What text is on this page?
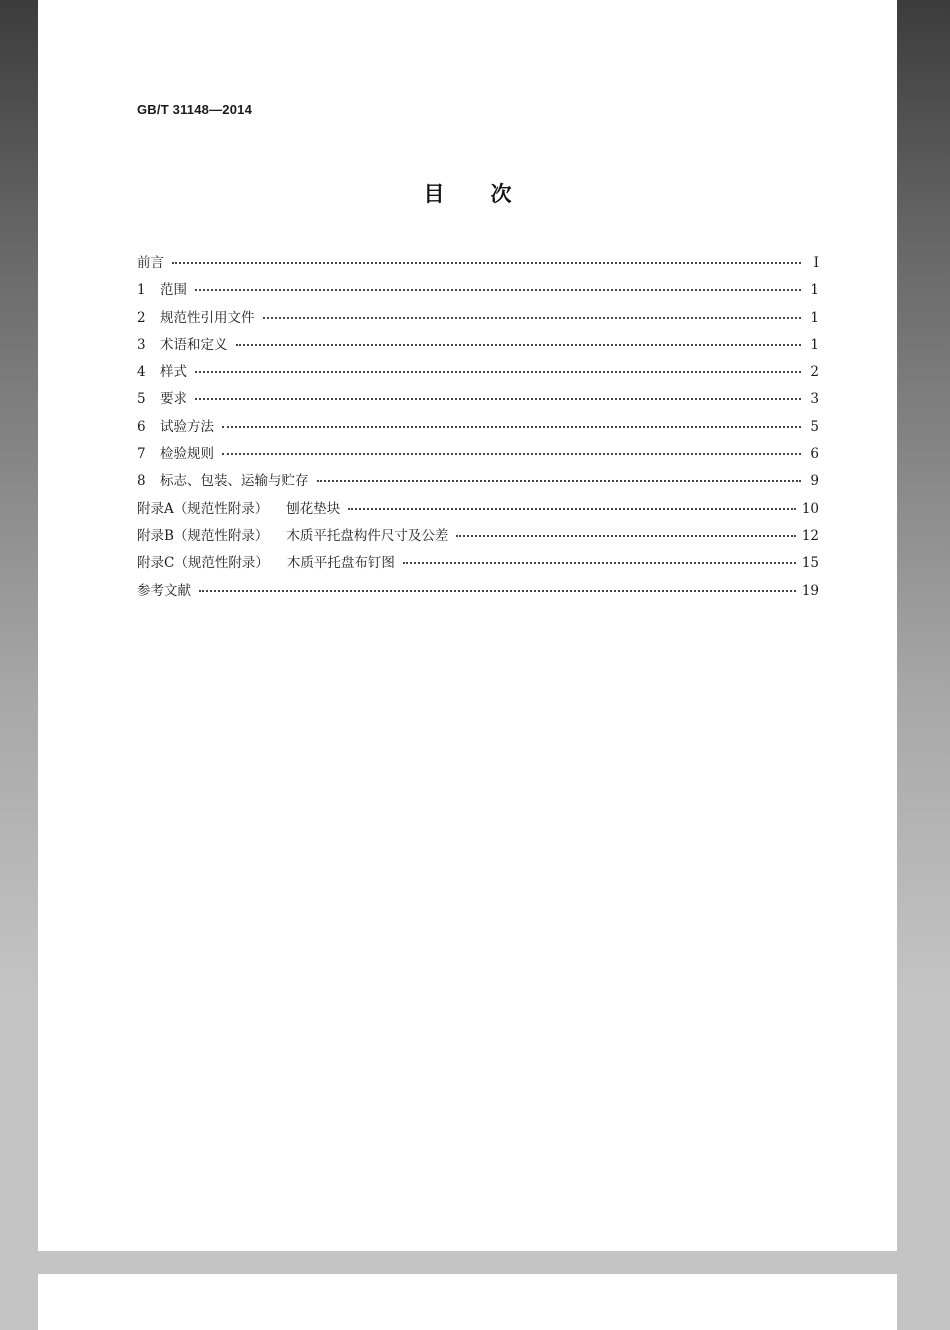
GB/T 31148—2014
目次
前言	Ⅰ
1	范围	1
2	规范性引用文件	1
3	术语和定义	1
4	样式	2
5	要求	3
6	试验方法	5
7	检验规则	6
8	标志、包装、运输与贮存	9
附录A（规范性附录） 刨花垫块	10
附录B（规范性附录） 木质平托盘构件尺寸及公差	12
附录C（规范性附录） 木质平托盘布钉图	15
参考文献	19
